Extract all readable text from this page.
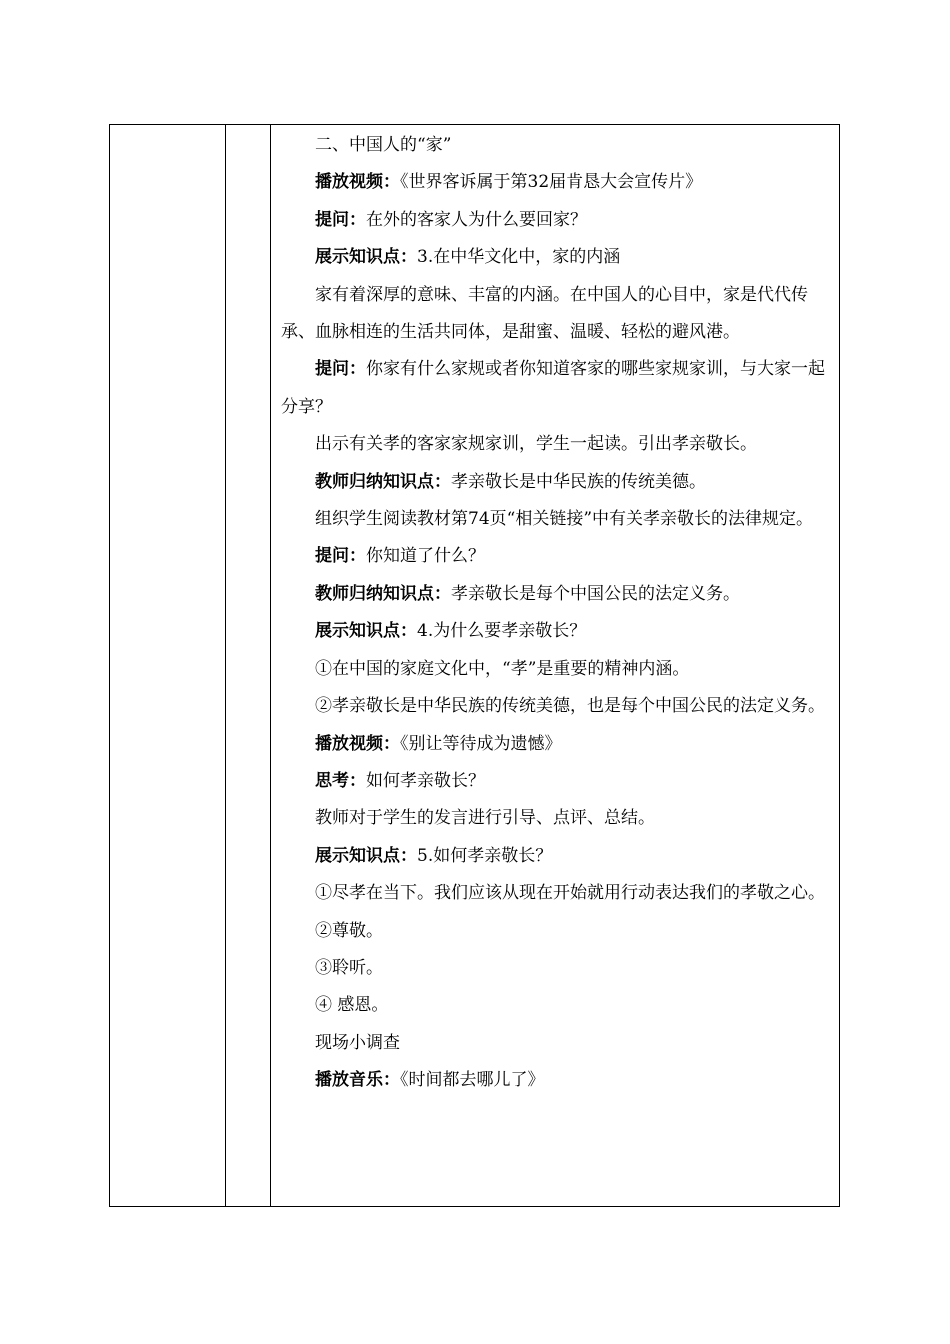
二、中国人的“家”

播放视频：《世界客诉属于第32届肯恳大会宣传片》

提问：在外的客家人为什么要回家？

展示知识点：3.在中华文化中，家的内涵

家有着深厚的意味、丰富的内涵。在中国人的心目中，家是代代传承、血脉相连的生活共同体，是甜蜜、温暖、轻松的避风港。

提问：你家有什么家规或者你知道客家的哪些家规家训，与大家一起分享？

出示有关孝的客家家规家训，学生一起读。引出孝亲敬长。

教师归纳知识点：孝亲敬长是中华民族的传统美德。

组织学生阅读教材第74页“相关链接”中有关孝亲敬长的法律规定。

提问：你知道了什么？

教师归纳知识点：孝亲敬长是每个中国公民的法定义务。

展示知识点：4.为什么要孝亲敬长？

①在中国的家庭文化中，“孝”是重要的精神内涵。

②孝亲敬长是中华民族的传统美德，也是每个中国公民的法定义务。

播放视频：《别让等待成为遗憾》

思考：如何孝亲敬长？

教师对于学生的发言进行引导、点评、总结。

展示知识点：5.如何孝亲敬长？

①尽孝在当下。我们应该从现在开始就用行动表达我们的孝敬之心。

②尊敬。

③聆听。

④ 感恩。

现场小调查

播放音乐：《时间都去哪儿了》
